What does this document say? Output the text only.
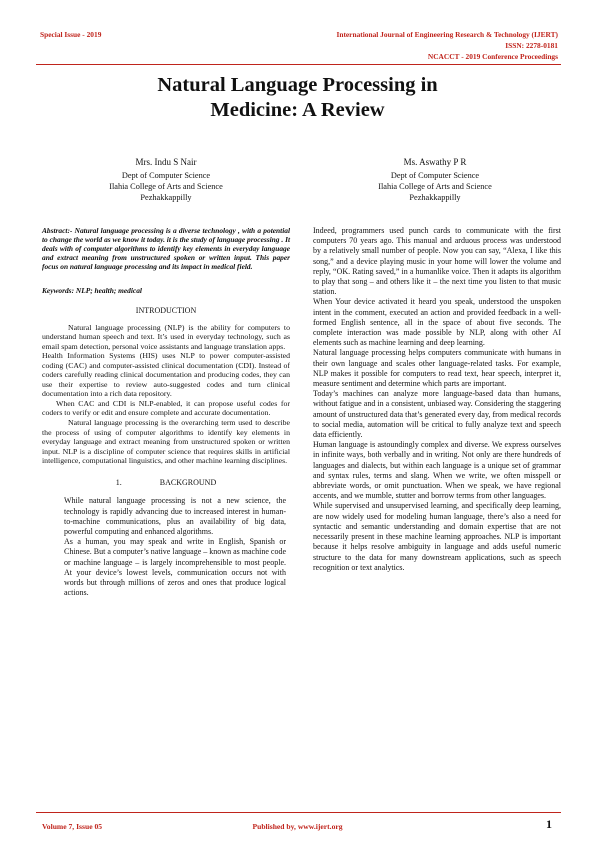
Special Issue - 2019	International Journal of Engineering Research & Technology (IJERT)
ISSN: 2278-0181
NCACCT - 2019 Conference Proceedings
Natural Language Processing in
Medicine: A Review
Mrs. Indu S Nair
Dept of Computer Science
Ilahia College of Arts and Science
Pezhakkappilly
Ms. Aswathy P R
Dept of Computer Science
Ilahia College of Arts and Science
Pezhakkappilly

Abstract:- Natural language processing is a diverse technology , with a potential to change the world as we know it today. it is the study of language processing . It deals with of computer algorithms to identify key elements in everyday language and extract meaning from unstructured spoken or written input. This paper focus on natural language processing and its impact in medical field.

Keywords: NLP; health; medical

INTRODUCTION

Natural language processing (NLP) is the ability for computers to understand human speech and text. It’s used in everyday technology, such as email spam detection, personal voice assistants and language translation apps.

Health Information Systems (HIS) uses NLP to power computer-assisted coding (CAC) and computer-assisted clinical documentation (CDI). Instead of coders carefully reading clinical documentation and producing codes, they can use their expertise to review auto-suggested codes and turn clinical documentation into a rich data repository.

When CAC and CDI is NLP-enabled, it can propose useful codes for coders to verify or edit and ensure complete and accurate documentation.

Natural language processing is the overarching term used to describe the process of using of computer algorithms to identify key elements in everyday language and extract meaning from unstructured spoken or written input. NLP is a discipline of computer science that requires skills in artificial intelligence, computational linguistics, and other machine learning disciplines.

1.	BACKGROUND

While natural language processing is not a new science, the technology is rapidly advancing due to increased interest in human-to-machine communications, plus an availability of big data, powerful computing and enhanced algorithms.

As a human, you may speak and write in English, Spanish or Chinese. But a computer’s native language – known as machine code or machine language – is largely incomprehensible to most people. At your device’s lowest levels, communication occurs not with words but through millions of zeros and ones that produce logical actions.

Indeed, programmers used punch cards to communicate with the first computers 70 years ago. This manual and arduous process was understood by a relatively small number of people. Now you can say, “Alexa, I like this song,” and a device playing music in your home will lower the volume and reply, “OK. Rating saved,” in a humanlike voice. Then it adapts its algorithm to play that song – and others like it – the next time you listen to that music station.

When Your device activated it heard you speak, understood the unspoken intent in the comment, executed an action and provided feedback in a well-formed English sentence, all in the space of about five seconds. The complete interaction was made possible by NLP, along with other AI elements such as machine learning and deep learning.

Natural language processing helps computers communicate with humans in their own language and scales other language-related tasks. For example, NLP makes it possible for computers to read text, hear speech, interpret it, measure sentiment and determine which parts are important.

Today’s machines can analyze more language-based data than humans, without fatigue and in a consistent, unbiased way. Considering the staggering amount of unstructured data that’s generated every day, from medical records to social media, automation will be critical to fully analyze text and speech data efficiently.

Human language is astoundingly complex and diverse. We express ourselves in infinite ways, both verbally and in writing. Not only are there hundreds of languages and dialects, but within each language is a unique set of grammar and syntax rules, terms and slang. When we write, we often misspell or abbreviate words, or omit punctuation. When we speak, we have regional accents, and we mumble, stutter and borrow terms from other languages.

While supervised and unsupervised learning, and specifically deep learning, are now widely used for modeling human language, there’s also a need for syntactic and semantic understanding and domain expertise that are not necessarily present in these machine learning approaches. NLP is important because it helps resolve ambiguity in language and adds useful numeric structure to the data for many downstream applications, such as speech recognition or text analytics.

Volume 7, Issue 05	Published by, www.ijert.org	1
